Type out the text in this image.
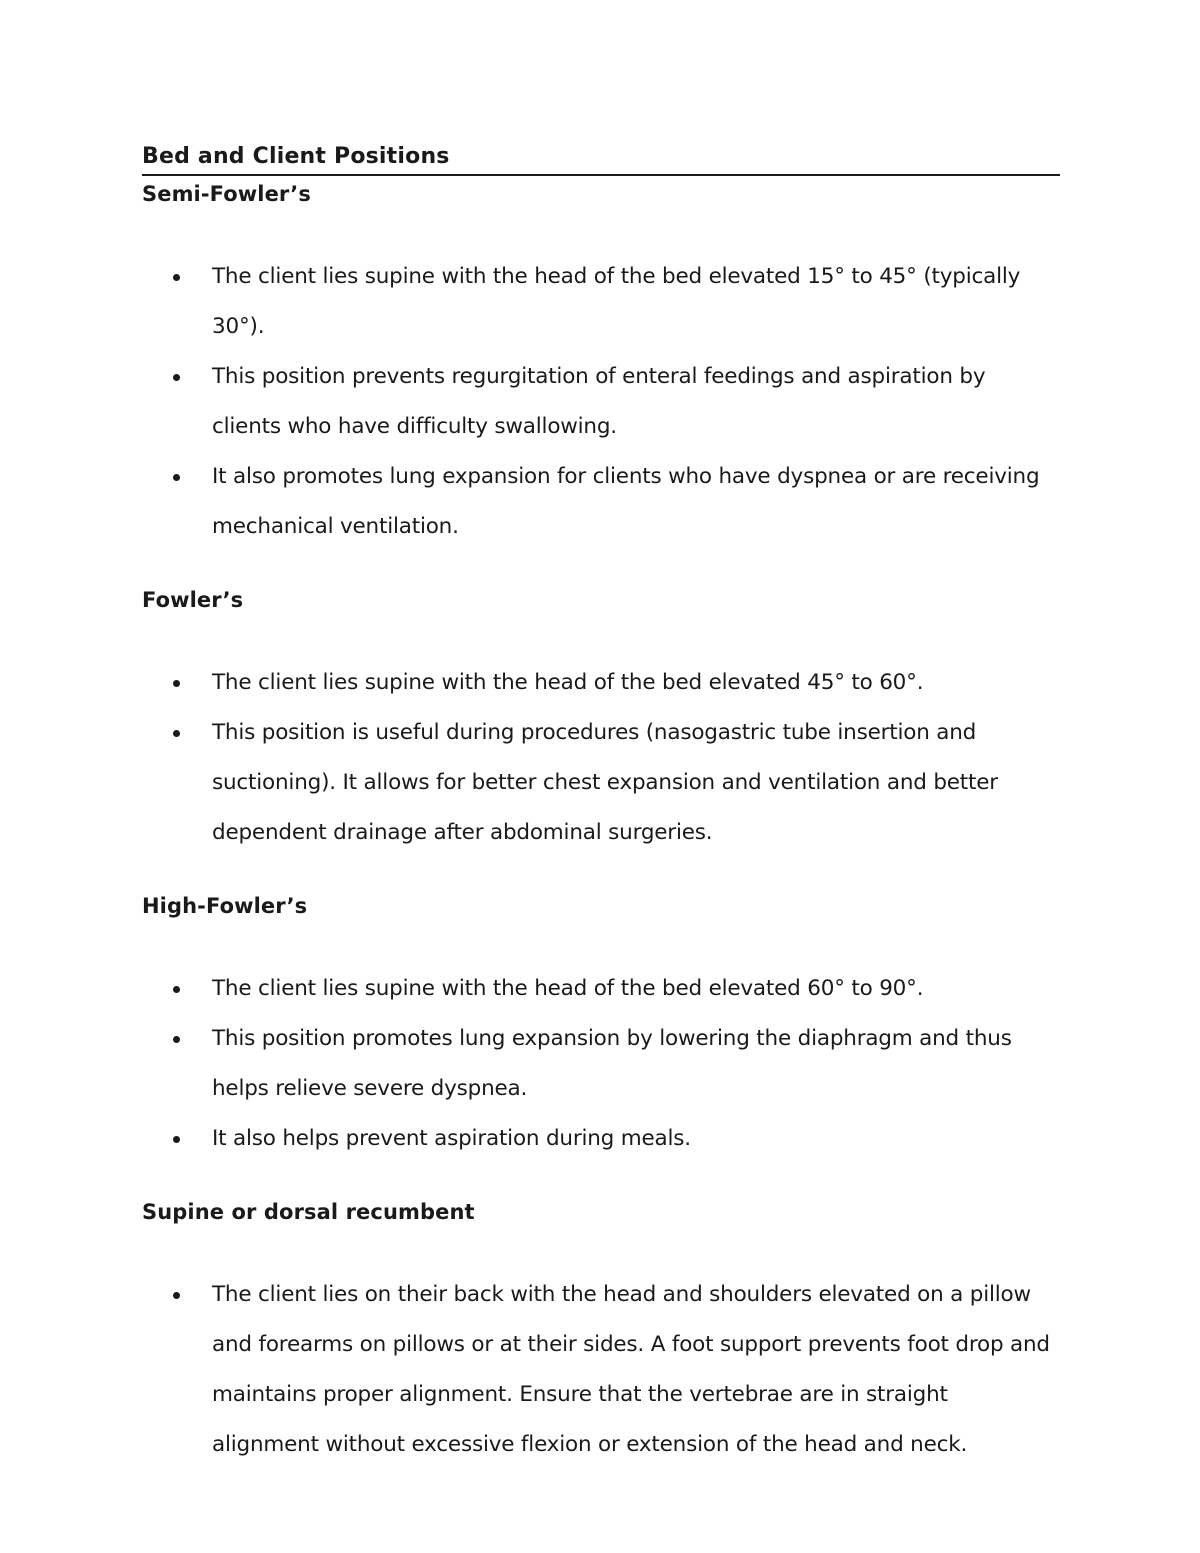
Bed and Client Positions
Semi-Fowler’s
The client lies supine with the head of the bed elevated 15° to 45° (typically 30°).
This position prevents regurgitation of enteral feedings and aspiration by clients who have difficulty swallowing.
It also promotes lung expansion for clients who have dyspnea or are receiving mechanical ventilation.
Fowler’s
The client lies supine with the head of the bed elevated 45° to 60°.
This position is useful during procedures (nasogastric tube insertion and suctioning). It allows for better chest expansion and ventilation and better dependent drainage after abdominal surgeries.
High-Fowler’s
The client lies supine with the head of the bed elevated 60° to 90°.
This position promotes lung expansion by lowering the diaphragm and thus helps relieve severe dyspnea.
It also helps prevent aspiration during meals.
Supine or dorsal recumbent
The client lies on their back with the head and shoulders elevated on a pillow and forearms on pillows or at their sides. A foot support prevents foot drop and maintains proper alignment. Ensure that the vertebrae are in straight alignment without excessive flexion or extension of the head and neck.
